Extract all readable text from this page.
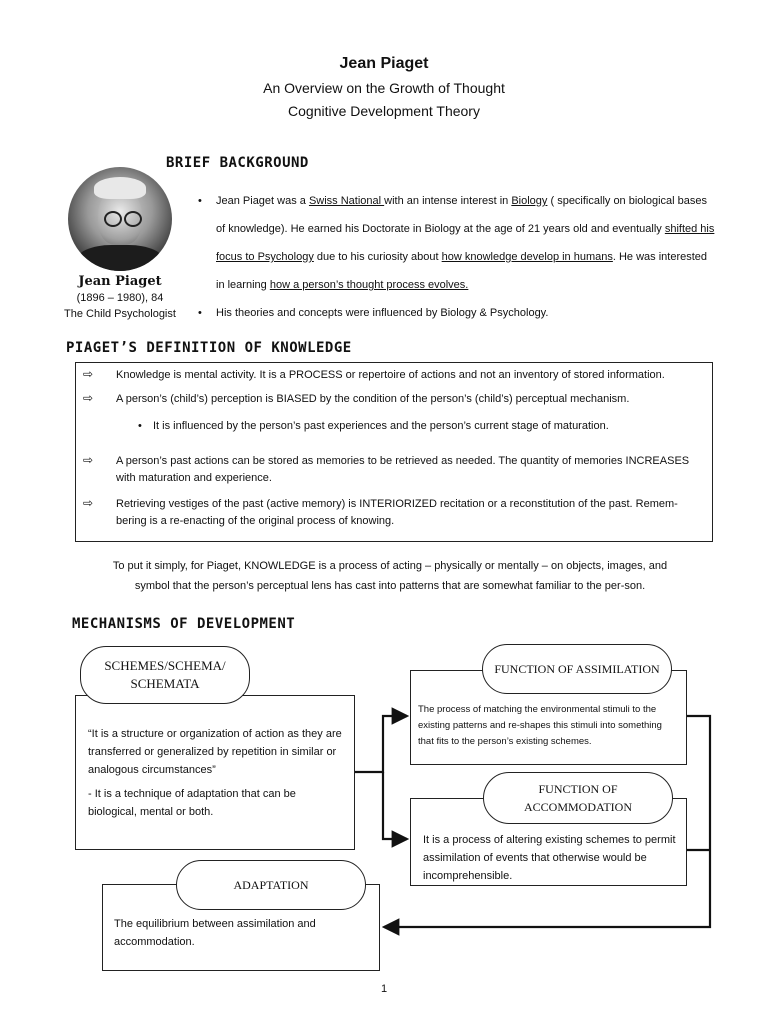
Jean Piaget
An Overview on the Growth of Thought
Cognitive Development Theory
BRIEF BACKGROUND
Jean Piaget
(1896 – 1980), 84
The Child Psychologist
• Jean Piaget was a Swiss National with an intense interest in Biology ( specifically on biological bases of knowledge). He earned his Doctorate in Biology at the age of 21 years old and eventually shifted his focus to Psychology due to his curiosity about how knowledge develop in humans. He was interested in learning how a person’s thought process evolves.
• His theories and concepts were influenced by Biology & Psychology.
PIAGET’S DEFINITION OF KNOWLEDGE
⇨ Knowledge is mental activity. It is a PROCESS or repertoire of actions and not an inventory of stored information.
⇨ A person’s (child’s) perception is BIASED by the condition of the person’s (child’s) perceptual mechanism.
• It is influenced by the person’s past experiences and the person’s current stage of maturation.
⇨ A person’s past actions can be stored as memories to be retrieved as needed. The quantity of memories INCREASES with maturation and experience.
⇨ Retrieving vestiges of the past (active memory) is INTERIORIZED recitation or a reconstitution of the past. Remem-bering is a re-enacting of the original process of knowing.
To put it simply, for Piaget, KNOWLEDGE is a process of acting – physically or mentally – on objects, images, and symbol that the person’s perceptual lens has cast into patterns that are somewhat familiar to the per-son.
MECHANISMS OF DEVELOPMENT
“It is a structure or organization of action as they are transferred or generalized by repetition in similar or analogous circumstances”
- It is a technique of adaptation that can be biological, mental or both.
SCHEMES/SCHEMA/ SCHEMATA
The process of matching the environmental stimuli to the existing patterns and re-shapes this stimuli into something that fits to the person’s existing schemes.
FUNCTION OF ASSIMILATION
It is a process of altering existing schemes to permit assimilation of events that otherwise would be incomprehensible.
FUNCTION OF ACCOMMODATION
The equilibrium between assimilation and accommodation.
ADAPTATION
1
